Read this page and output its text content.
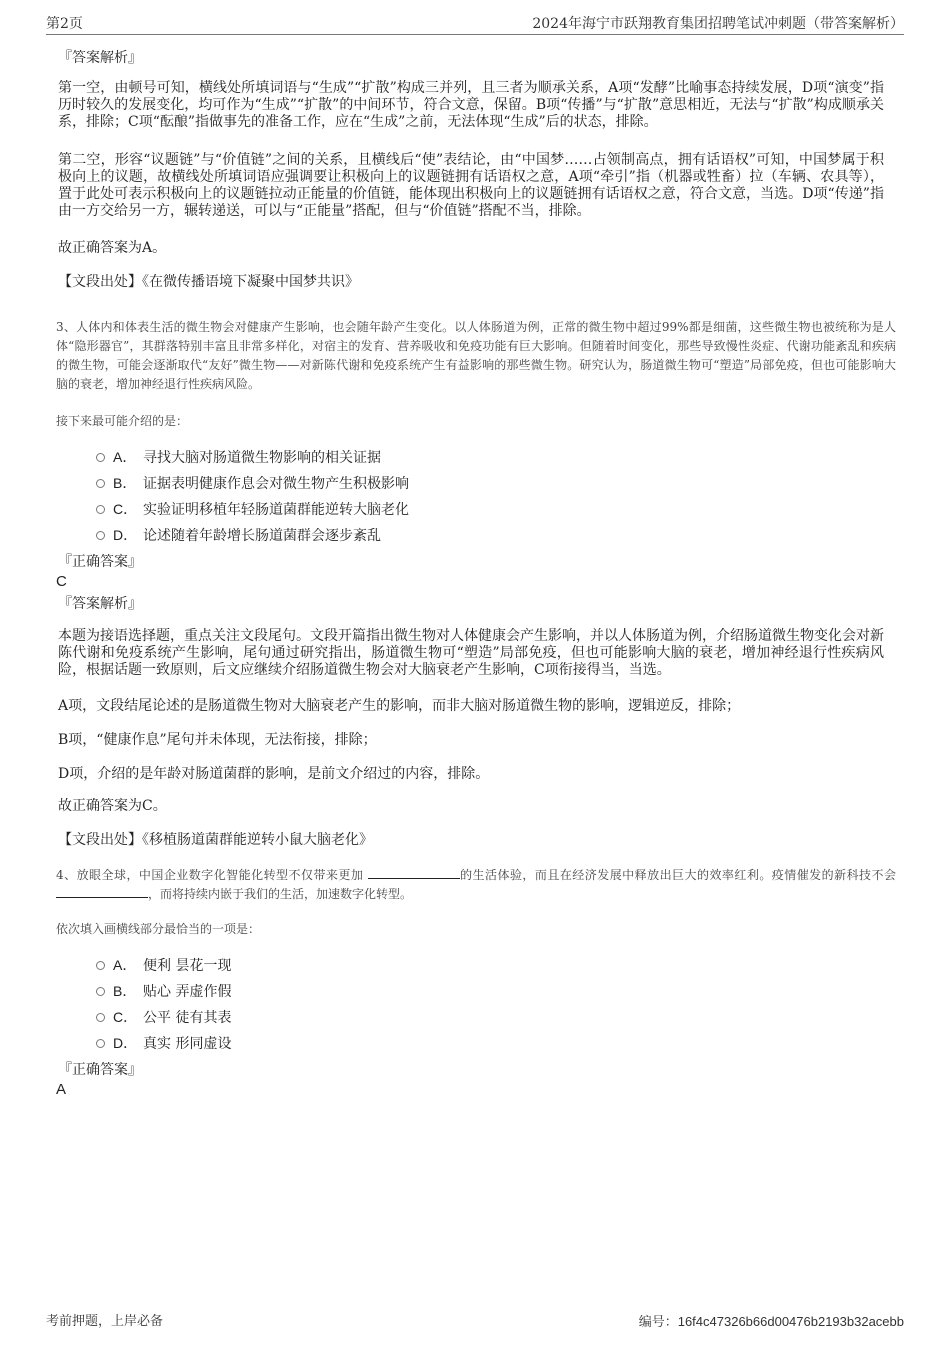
第2页	2024年海宁市跃翔教育集团招聘笔试冲刺题（带答案解析）
『答案解析』

第一空，由顿号可知，横线处所填词语与“生成”“扩散”构成三并列，且三者为顺承关系，A项“发酵”比喻事态持续发展，D项“演变”指历时较久的发展变化，均可作为“生成”“扩散”的中间环节，符合文意，保留。B项“传播”与“扩散”意思相近，无法与“扩散”构成顺承关系，排除；C项“酝酿”指做事先的准备工作，应在“生成”之前，无法体现“生成”后的状态，排除。

第二空，形容“议题链”与“价值链”之间的关系，且横线后“使”表结论，由“中国梦……占领制高点，拥有话语权”可知，中国梦属于积极向上的议题，故横线处所填词语应强调要让积极向上的议题链拥有话语权之意，A项“牵引”指（机器或牲畜）拉（车辆、农具等），置于此处可表示积极向上的议题链拉动正能量的价值链，能体现出积极向上的议题链拥有话语权之意，符合文意，当选。D项“传递”指由一方交给另一方，辗转递送，可以与“正能量”搭配，但与“价值链”搭配不当，排除。

故正确答案为A。

【文段出处】《在微传播语境下凝聚中国梦共识》

3、人体内和体表生活的微生物会对健康产生影响，也会随年龄产生变化。以人体肠道为例，正常的微生物中超过99%都是细菌，这些微生物也被统称为是人体“隐形器官”，其群落特别丰富且非常多样化，对宿主的发育、营养吸收和免疫功能有巨大影响。但随着时间变化，那些导致慢性炎症、代谢功能紊乱和疾病的微生物，可能会逐渐取代“友好”微生物——对新陈代谢和免疫系统产生有益影响的那些微生物。研究认为，肠道微生物可“塑造”局部免疫，但也可能影响大脑的衰老，增加神经退行性疾病风险。

接下来最可能介绍的是：

A． 寻找大脑对肠道微生物影响的相关证据
B． 证据表明健康作息会对微生物产生积极影响
C． 实验证明移植年轻肠道菌群能逆转大脑老化
D． 论述随着年龄增长肠道菌群会逐步紊乱
『正确答案』
C
『答案解析』

本题为接语选择题，重点关注文段尾句。文段开篇指出微生物对人体健康会产生影响，并以人体肠道为例，介绍肠道微生物变化会对新陈代谢和免疫系统产生影响，尾句通过研究指出，肠道微生物可“塑造”局部免疫，但也可能影响大脑的衰老，增加神经退行性疾病风险，根据话题一致原则，后文应继续介绍肠道微生物会对大脑衰老产生影响，C项衔接得当，当选。

A项，文段结尾论述的是肠道微生物对大脑衰老产生的影响，而非大脑对肠道微生物的影响，逻辑逆反，排除；

B项，“健康作息”尾句并未体现，无法衔接，排除；

D项，介绍的是年龄对肠道菌群的影响，是前文介绍过的内容，排除。

故正确答案为C。

【文段出处】《移植肠道菌群能逆转小鼠大脑老化》

4、放眼全球，中国企业数字化智能化转型不仅带来更加	的生活体验，而且在经济发展中释放出巨大的效率红利。疫情催发的新科技不会 ，而将持续内嵌于我们的生活，加速数字化转型。

依次填入画横线部分最恰当的一项是：

A． 便利 昙花一现
B． 贴心 弄虚作假
C． 公平 徒有其表
D． 真实 形同虚设
『正确答案』
A
考前押题，上岸必备	编号：16f4c47326b66d00476b2193b32acebb
